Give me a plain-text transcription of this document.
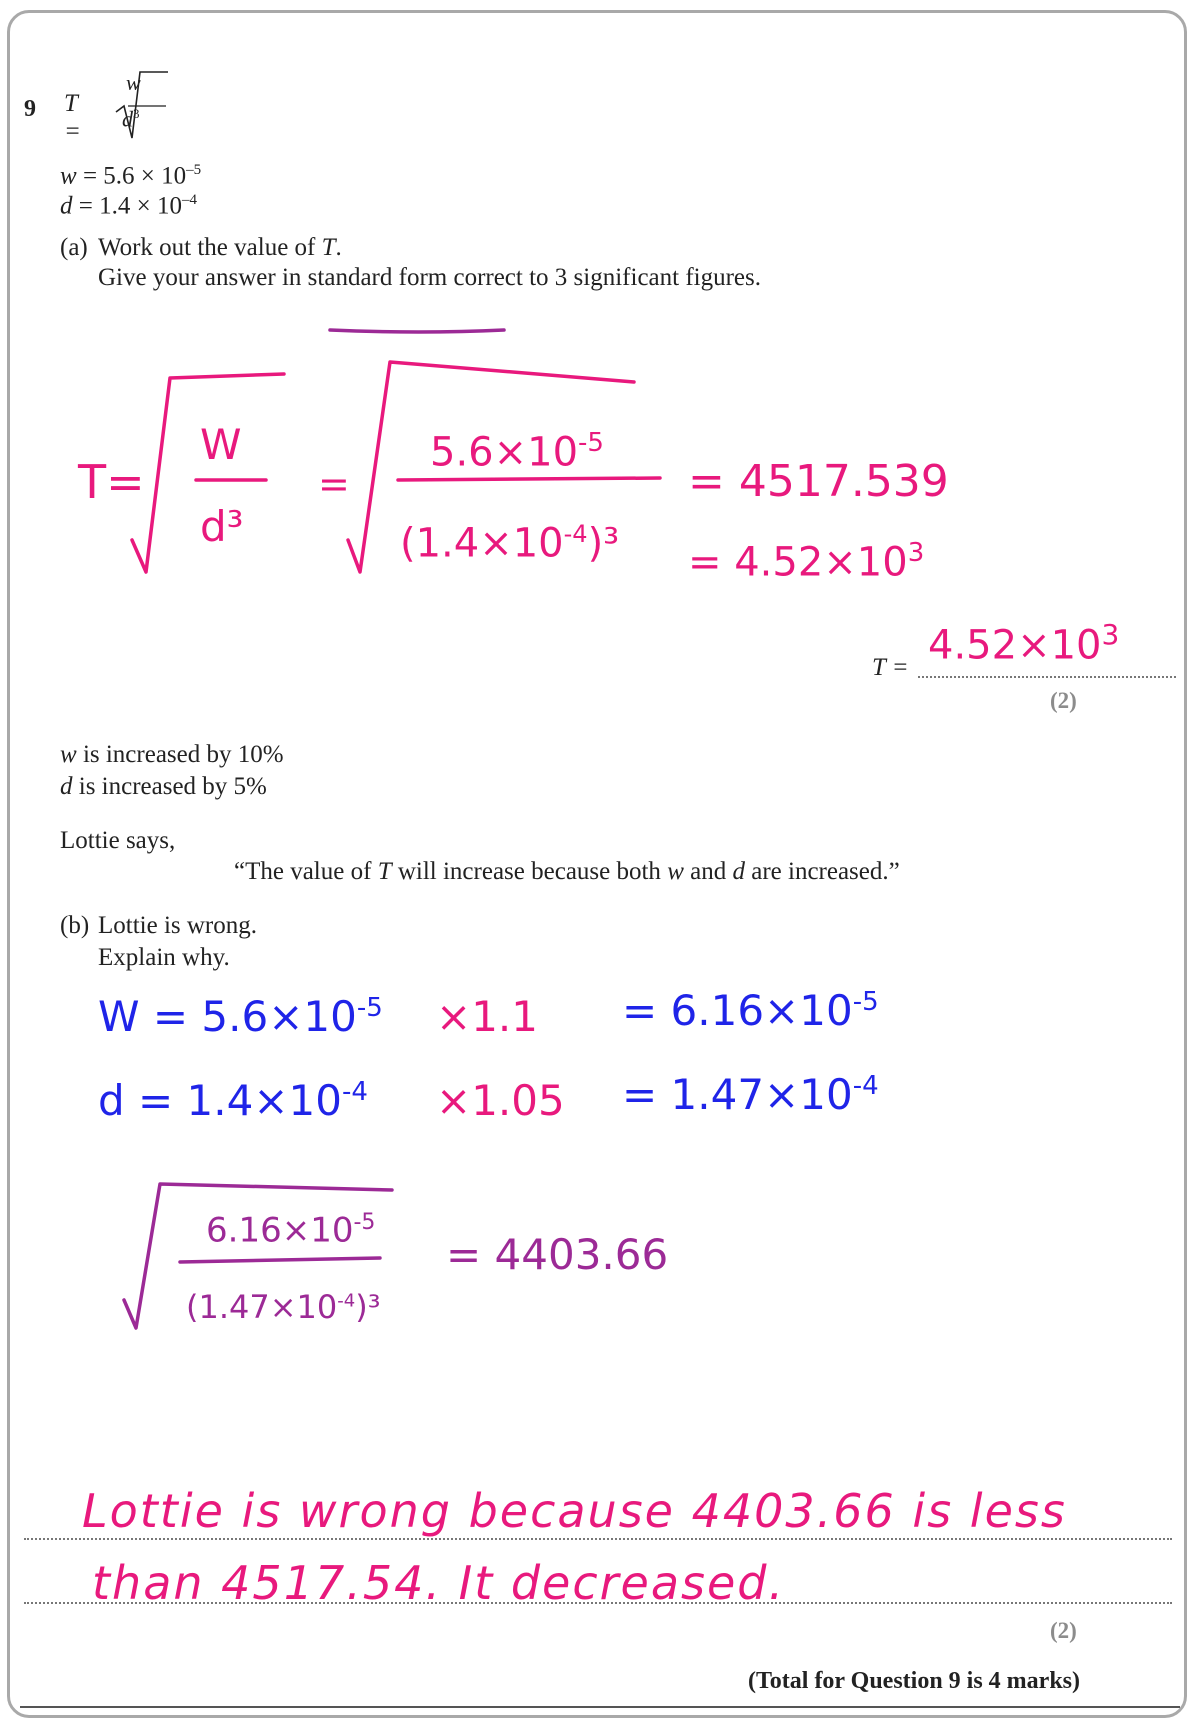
9 T =
w
$d^3$
$w = 5.6 \times 10^{-5}$
$d = 1.4 \times 10^{-4}$
(a) Work out the value of T.
Give your answer in standard form correct to 3 significant figures.
T=
W
d³
=
$5.6\times 10^{-5}$
$(1.4\times 10^{-4})^3$
= 4517.539
= $4.52\times 10^3$
$T = 4.52\times 10^3$
(2)
w is increased by 10%
d is increased by 5%
Lottie says,
“The value of T will increase because both w and d are increased.”
(b) Lottie is wrong.
Explain why.
$W = 5.6\times 10^{-5} \times 1.1 = 6.16\times 10^{-5}$
$d = 1.4\times 10^{-4} \times 1.05 = 1.47\times 10^{-4}$
$6.16\times 10^{-5}$
$(1.47\times 10^{-4})^3$
= 4403.66
Lottie is wrong because 4403.66 is less
than 4517.54. It decreased.
(2)
(Total for Question 9 is 4 marks)
